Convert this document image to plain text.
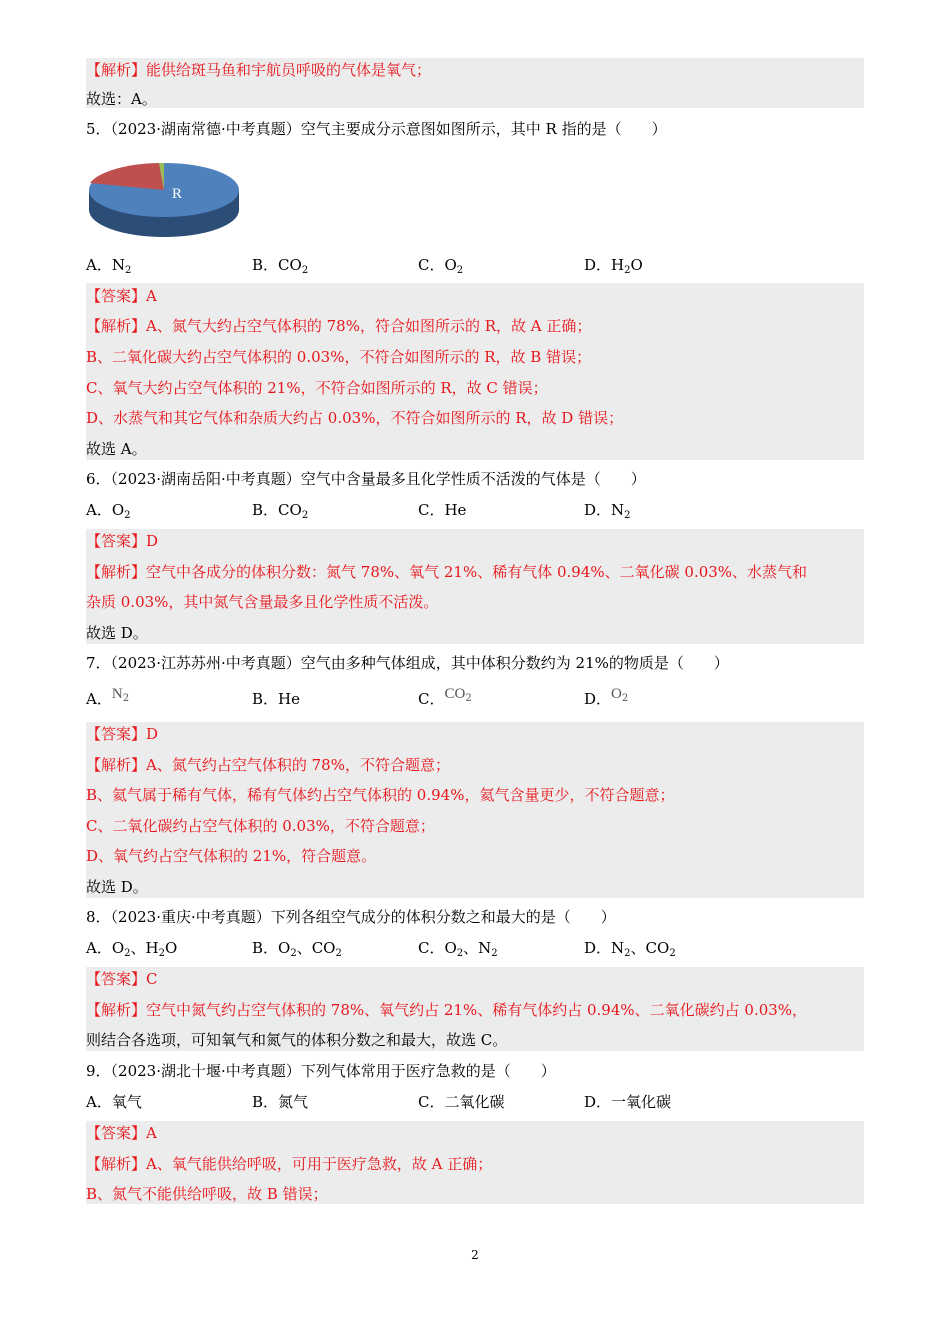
【解析】能供给斑马鱼和宇航员呼吸的气体是氧气；
故选：A。
5．（2023·湖南常德·中考真题）空气主要成分示意图如图所示，其中 R 指的是（　　）
R
A．$N_2$	B．$CO_2$	C．$O_2$	D．$H_2O$
【答案】A
【解析】A、氮气大约占空气体积的 78%，符合如图所示的 R，故 A 正确；
B、二氧化碳大约占空气体积的 0.03%，不符合如图所示的 R，故 B 错误；
C、氧气大约占空气体积的 21%，不符合如图所示的 R，故 C 错误；
D、水蒸气和其它气体和杂质大约占 0.03%，不符合如图所示的 R，故 D 错误；
故选 A。
6．（2023·湖南岳阳·中考真题）空气中含量最多且化学性质不活泼的气体是（　　）
A．$O_2$	B．$CO_2$	C．He	D．$N_2$
【答案】D
【解析】空气中各成分的体积分数：氮气 78%、氧气 21%、稀有气体 0.94%、二氧化碳 0.03%、水蒸气和
杂质 0.03%，其中氮气含量最多且化学性质不活泼。
故选 D。
7．（2023·江苏苏州·中考真题）空气由多种气体组成，其中体积分数约为 21%的物质是（　　）
A．$N_2$	B．He	C．$CO_2$	D．$O_2$
【答案】D
【解析】A、氮气约占空气体积的 78%，不符合题意；
B、氦气属于稀有气体，稀有气体约占空气体积的 0.94%，氦气含量更少，不符合题意；
C、二氧化碳约占空气体积的 0.03%，不符合题意；
D、氧气约占空气体积的 21%，符合题意。
故选 D。
8．（2023·重庆·中考真题）下列各组空气成分的体积分数之和最大的是（　　）
A．$O_2$、$H_2O$	B．$O_2$、$CO_2$	C．$O_2$、$N_2$	D．$N_2$、$CO_2$
【答案】C
【解析】空气中氮气约占空气体积的 78%、氧气约占 21%、稀有气体约占 0.94%、二氧化碳约占 0.03%，
则结合各选项，可知氧气和氮气的体积分数之和最大，故选 C。
9．（2023·湖北十堰·中考真题）下列气体常用于医疗急救的是（　　）
A．氧气	B．氮气	C．二氧化碳	D．一氧化碳
【答案】A
【解析】A、氧气能供给呼吸，可用于医疗急救，故 A 正确；
B、氮气不能供给呼吸，故 B 错误；
2
